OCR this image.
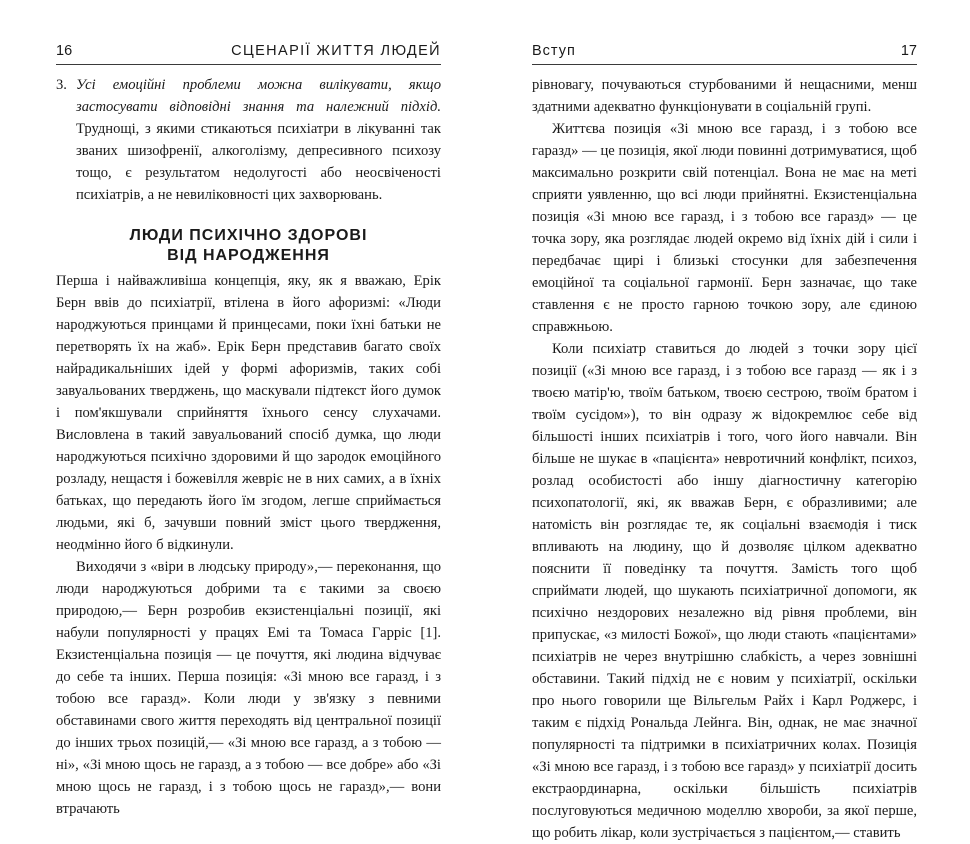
16	СЦЕНАРІЇ ЖИТТЯ ЛЮДЕЙ

3. Усі емоційні проблеми можна вилікувати, якщо застосувати відповідні знання та належний підхід. Труднощі, з якими стикаються психіатри в лікуванні так званих шизофренії, алкоголізму, депресивного психозу тощо, є результатом недолугості або неосвіченості психіатрів, а не невиліковності цих захворювань.

ЛЮДИ ПСИХІЧНО ЗДОРОВІ
ВІД НАРОДЖЕННЯ

Перша і найважливіша концепція, яку, як я вважаю, Ерік Берн ввів до психіатрії, втілена в його афоризмі: «Люди народжуються принцами й принцесами, поки їхні батьки не перетворять їх на жаб». Ерік Берн представив багато своїх найрадикальніших ідей у формі афоризмів, таких собі завуальованих тверджень, що маскували підтекст його думок і пом'якшували сприйняття їхнього сенсу слухачами. Висловлена в такий завуальований спосіб думка, що люди народжуються психічно здоровими й що зародок емоційного розладу, нещастя і божевілля жевріє не в них самих, а в їхніх батьках, що передають його їм згодом, легше сприймається людьми, які б, зачувши повний зміст цього твердження, неодмінно його б відкинули.

Виходячи з «віри в людську природу»,— переконання, що люди народжуються добрими та є такими за своєю природою,— Берн розробив екзистенціальні позиції, які набули популярності у працях Емі та Томаса Гарріс [1]. Екзистенціальна позиція — це почуття, які людина відчуває до себе та інших. Перша позиція: «Зі мною все гаразд, і з тобою все гаразд». Коли люди у зв'язку з певними обставинами свого життя переходять від центральної позиції до інших трьох позицій,— «Зі мною все гаразд, а з тобою — ні», «Зі мною щось не гаразд, а з тобою — все добре» або «Зі мною щось не гаразд, і з тобою щось не гаразд»,— вони втрачають

Вступ	17

рівновагу, почуваються стурбованими й нещасними, менш здатними адекватно функціонувати в соціальній групі.

Життєва позиція «Зі мною все гаразд, і з тобою все гаразд» — це позиція, якої люди повинні дотримуватися, щоб максимально розкрити свій потенціал. Вона не має на меті сприяти уявленню, що всі люди прийнятні. Екзистенціальна позиція «Зі мною все гаразд, і з тобою все гаразд» — це точка зору, яка розглядає людей окремо від їхніх дій і сили і передбачає щирі і близькі стосунки для забезпечення емоційної та соціальної гармонії. Берн зазначає, що таке ставлення є не просто гарною точкою зору, але єдиною справжньою.

Коли психіатр ставиться до людей з точки зору цієї позиції («Зі мною все гаразд, і з тобою все гаразд — як і з твоєю матір'ю, твоїм батьком, твоєю сестрою, твоїм братом і твоїм сусідом»), то він одразу ж відокремлює себе від більшості інших психіатрів і того, чого його навчали. Він більше не шукає в «пацієнта» невротичний конфлікт, психоз, розлад особистості або іншу діагностичну категорію психопатології, які, як вважав Берн, є образливими; але натомість він розглядає те, як соціальні взаємодія і тиск впливають на людину, що й дозволяє цілком адекватно пояснити її поведінку та почуття. Замість того щоб сприймати людей, що шукають психіатричної допомоги, як психічно нездорових незалежно від рівня проблеми, він припускає, «з милості Божої», що люди стають «пацієнтами» психіатрів не через внутрішню слабкість, а через зовнішні обставини. Такий підхід не є новим у психіатрії, оскільки про нього говорили ще Вільгельм Райх і Карл Роджерс, і таким є підхід Рональда Лейнга. Він, однак, не має значної популярності та підтримки в психіатричних колах. Позиція «Зі мною все гаразд, і з тобою все гаразд» у психіатрії досить екстраординарна, оскільки більшість психіатрів послуговуються медичною моделлю хвороби, за якої перше, що робить лікар, коли зустрічається з пацієнтом,— ставить
